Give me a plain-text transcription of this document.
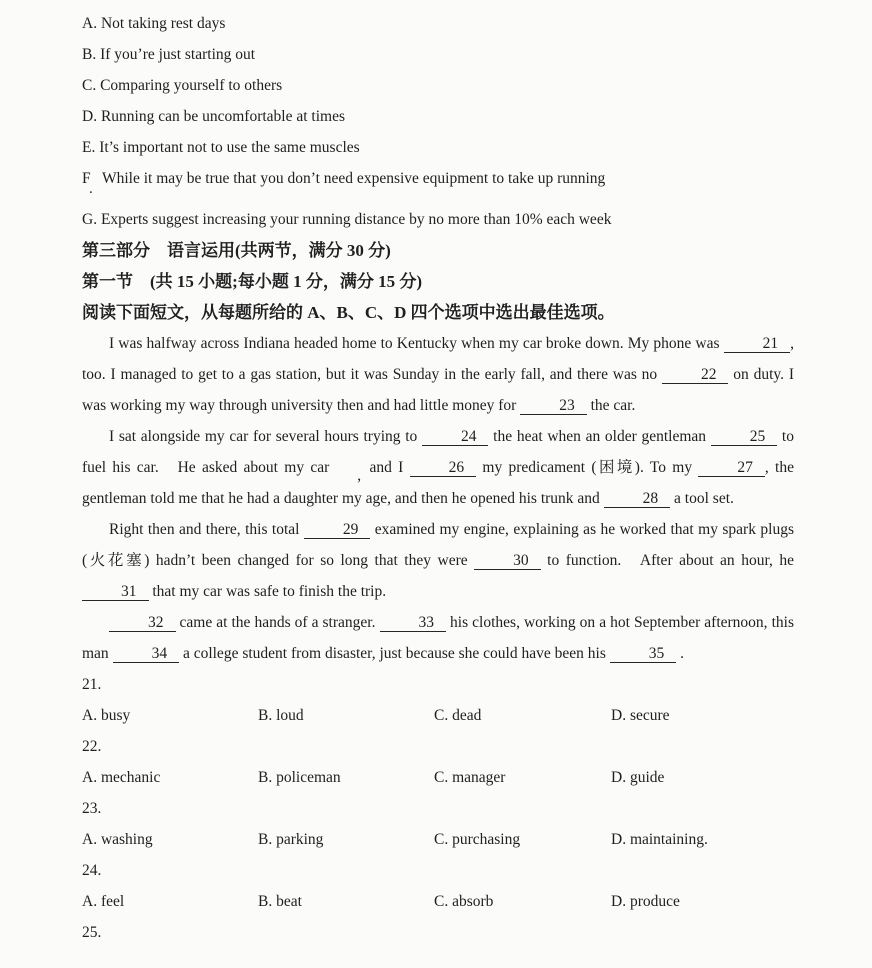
A. Not taking rest days
B. If you’re just starting out
C. Comparing yourself to others
D. Running can be uncomfortable at times
E. It’s important not to use the same muscles
F   While it may be true that you don’t need expensive equipment to take up running
.
G. Experts suggest increasing your running distance by no more than 10% each week
第三部分　语言运用(共两节，满分 30 分)
第一节　(共 15 小题;每小题 1 分，满分 15 分)
阅读下面短文，从每题所给的 A、B、C、D 四个选项中选出最佳选项。

I was halfway across Indiana headed home to Kentucky when my car broke down. My phone was	21 , too. I managed to get to a gas station, but it was Sunday in the early fall, and there was no	22 on duty. I was working my way through university then and had little money for	23 the car.

I sat alongside my car for several hours trying to	24 the heat when an older gentleman	25 to fuel his car.   He asked about my car , and I	26 my predicament (困境). To my	27 , the gentleman told me that he had a daughter my age, and then he opened his trunk and	28 a tool set.

Right then and there, this total	29 examined my engine, explaining as he worked that my spark plugs (火花塞) hadn’t been changed for so long that they were	30 to function.   After about an hour, he 31 that my car was safe to finish the trip.

32 came at the hands of a stranger.	33 his clothes, working on a hot September afternoon, this man	34 a college student from disaster, just because she could have been his	35 .

21.
A. busy	B. loud	C. dead	D. secure
22.
A. mechanic	B. policeman	C. manager	D. guide
23.
A. washing	B. parking	C. purchasing	D. maintaining.
24.
A. feel	B. beat	C. absorb	D. produce
25.
